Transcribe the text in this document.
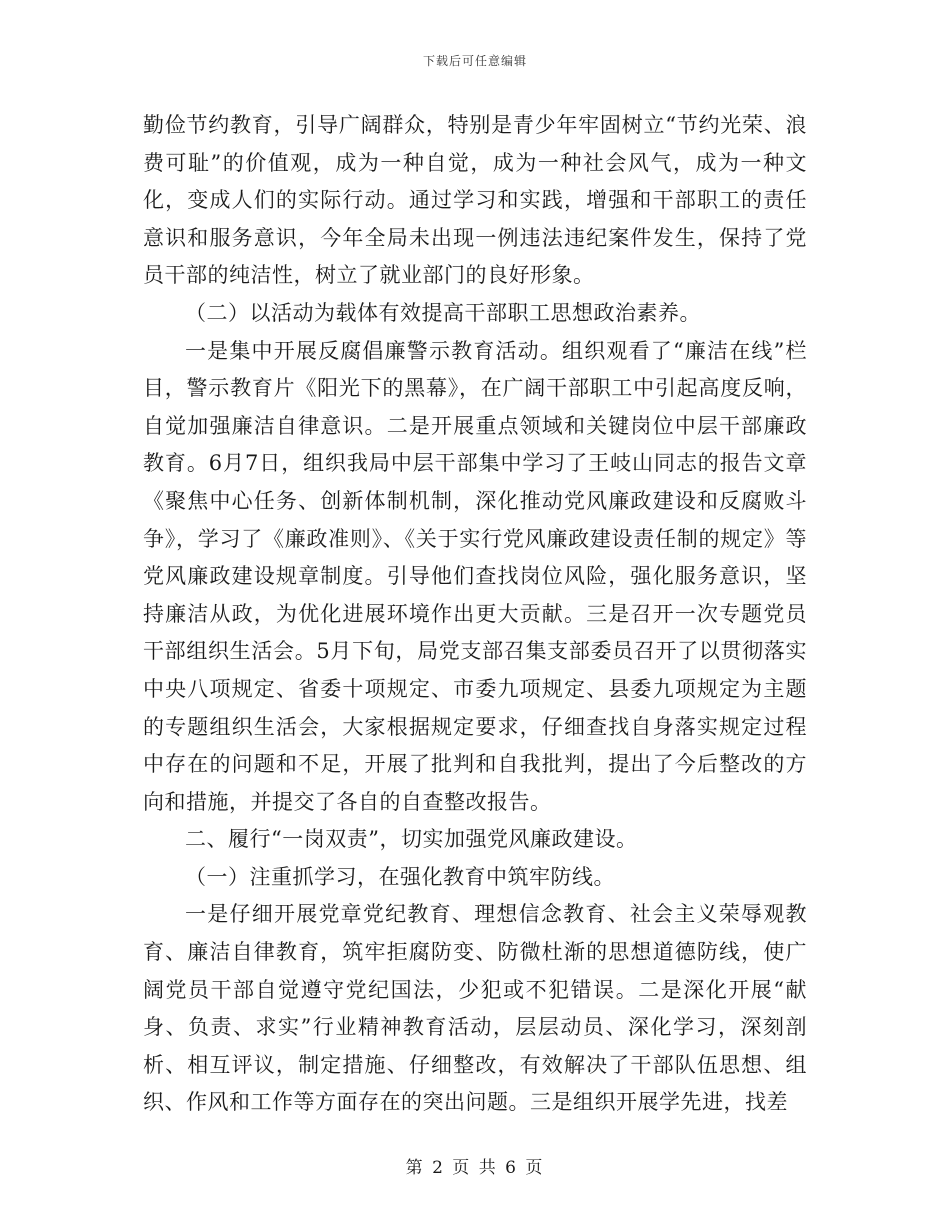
下载后可任意编辑

勤俭节约教育，引导广阔群众，特别是青少年牢固树立“节约光荣、浪费可耻”的价值观，成为一种自觉，成为一种社会风气，成为一种文化，变成人们的实际行动。通过学习和实践，增强和干部职工的责任意识和服务意识，今年全局未出现一例违法违纪案件发生，保持了党员干部的纯洁性，树立了就业部门的良好形象。

（二）以活动为载体有效提高干部职工思想政治素养。

一是集中开展反腐倡廉警示教育活动。组织观看了“廉洁在线”栏目，警示教育片《阳光下的黑幕》，在广阔干部职工中引起高度反响，自觉加强廉洁自律意识。二是开展重点领域和关键岗位中层干部廉政教育。6月7日，组织我局中层干部集中学习了王岐山同志的报告文章《聚焦中心任务、创新体制机制，深化推动党风廉政建设和反腐败斗争》，学习了《廉政准则》、《关于实行党风廉政建设责任制的规定》等党风廉政建设规章制度。引导他们查找岗位风险，强化服务意识，坚持廉洁从政，为优化进展环境作出更大贡献。三是召开一次专题党员干部组织生活会。5月下旬，局党支部召集支部委员召开了以贯彻落实中央八项规定、省委十项规定、市委九项规定、县委九项规定为主题的专题组织生活会，大家根据规定要求，仔细查找自身落实规定过程中存在的问题和不足，开展了批判和自我批判，提出了今后整改的方向和措施，并提交了各自的自查整改报告。

二、履行“一岗双责”，切实加强党风廉政建设。

（一）注重抓学习，在强化教育中筑牢防线。

一是仔细开展党章党纪教育、理想信念教育、社会主义荣辱观教育、廉洁自律教育，筑牢拒腐防变、防微杜渐的思想道德防线，使广阔党员干部自觉遵守党纪国法，少犯或不犯错误。二是深化开展“献身、负责、求实”行业精神教育活动，层层动员、深化学习，深刻剖析、相互评议，制定措施、仔细整改，有效解决了干部队伍思想、组织、作风和工作等方面存在的突出问题。三是组织开展学先进，找差

第 2 页 共 6 页
